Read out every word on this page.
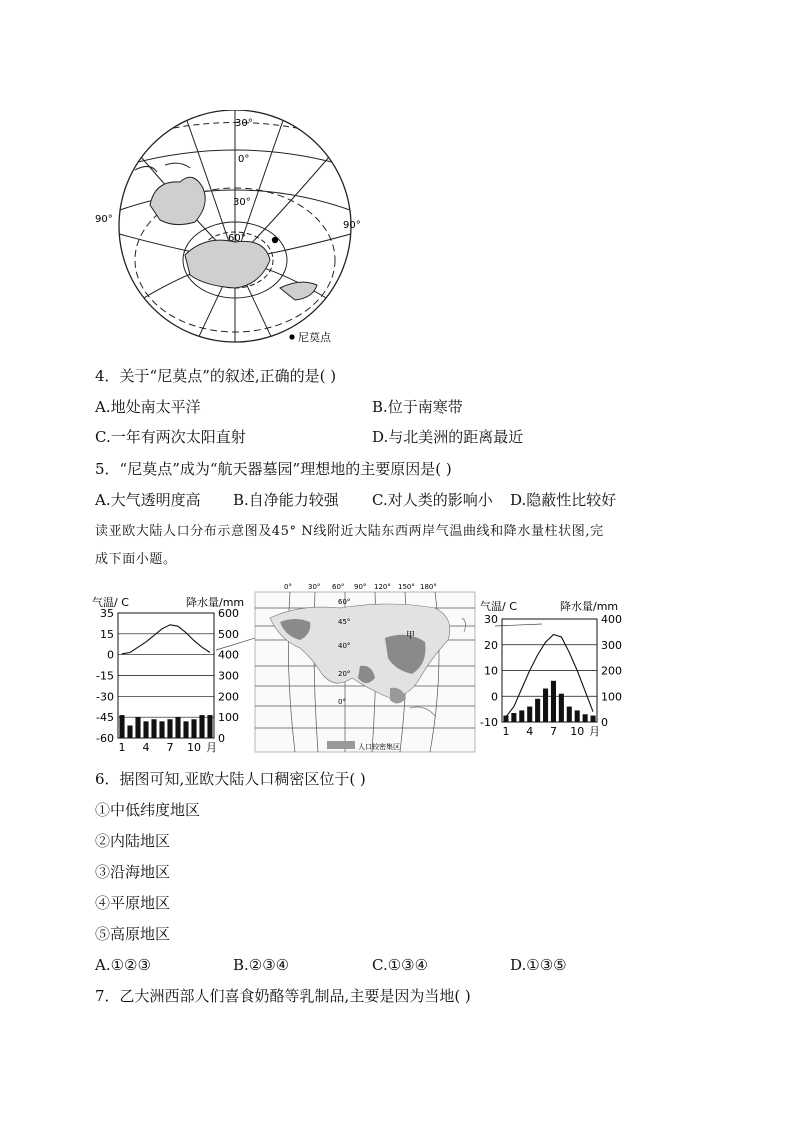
30°
0°
30°
60°
90°
90°
尼莫点
4．关于“尼莫点”的叙述,正确的是( )
A.地处南太平洋	B.位于南寒带
C.一年有两次太阳直射	D.与北美洲的距离最近
5．“尼莫点”成为“航天器墓园”理想地的主要原因是( )
A.大气透明度高 B.自净能力较强 C.对人类的影响小 D.隐蔽性比较好
读亚欧大陆人口分布示意图及45° N线附近大陆东西两岸气温曲线和降水量柱状图,完
成下面小题。
气温/ C	降水量/mm
35
15
0
-15
-30
-45
-60
600
500
400
300
200
100
0
1 4 7 10 月
0° 30° 60° 90° 120° 150° 180°
60°
45°
40°
20°
0°
甲
人口较密集区
气温/ C	降水量/mm
30
20
10
0
-10
400
300
200
100
0
1 4 7 10 月
6．据图可知,亚欧大陆人口稠密区位于( )
①中低纬度地区
②内陆地区
③沿海地区
④平原地区
⑤高原地区
A.①②③	B.②③④	C.①③④	D.①③⑤
7．乙大洲西部人们喜食奶酪等乳制品,主要是因为当地( )
